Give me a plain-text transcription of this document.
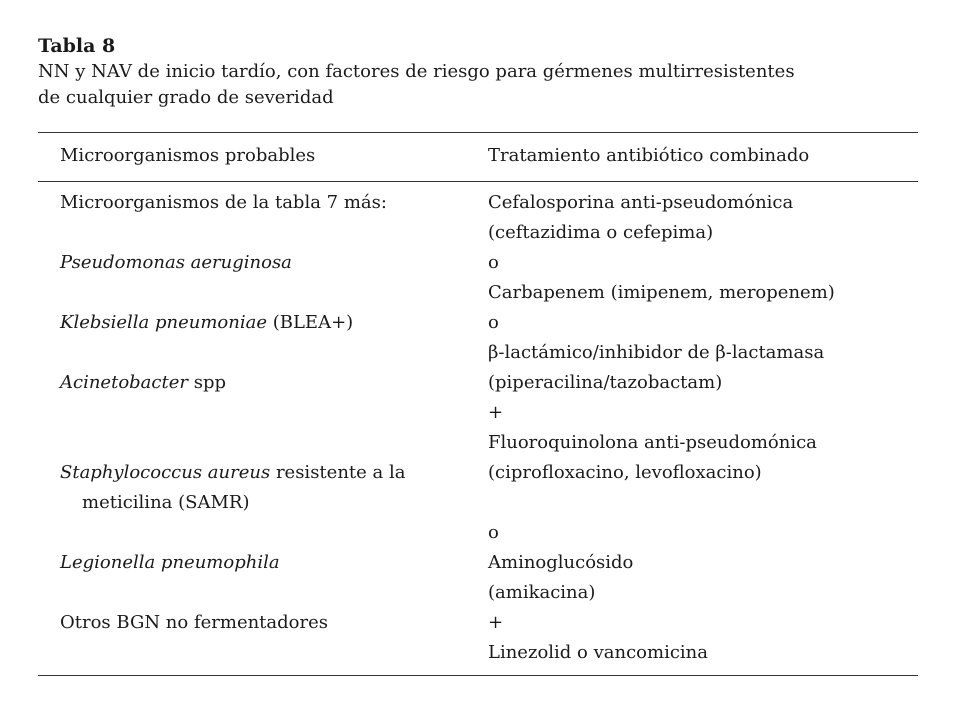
Tabla 8

NN y NAV de inicio tardío, con factores de riesgo para gérmenes multirresistentes
de cualquier grado de severidad

Microorganismos probables	Tratamiento antibiótico combinado
Microorganismos de la tabla 7 más:
Pseudomonas aeruginosa
Klebsiella pneumoniae (BLEA+)
Acinetobacter spp
Staphylococcus aureus resistente a la
meticilina (SAMR)
Legionella pneumophila
Otros BGN no fermentadores
Cefalosporina anti-pseudomónica
(ceftazidima o cefepima)
o
Carbapenem (imipenem, meropenem)
o
β-lactámico/inhibidor de β-lactamasa
(piperacilina/tazobactam)
+
Fluoroquinolona anti-pseudomónica
(ciprofloxacino, levofloxacino)
o
Aminoglucósido
(amikacina)
+
Linezolid o vancomicina
